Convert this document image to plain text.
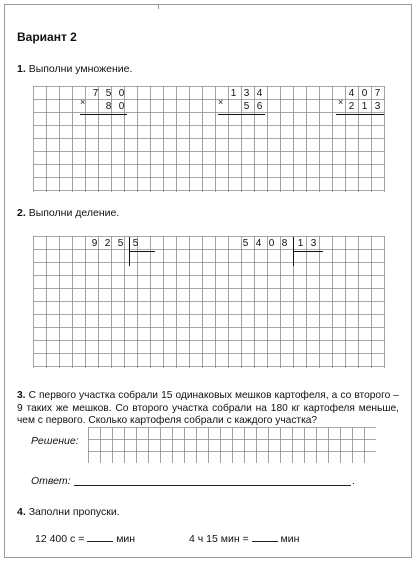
Вариант 2
1. Выполни умножение.
×
7 5 0
8 0	×
1 3 4
5 6	×
4 0 7
2 1 3
2. Выполни деление.
9 2 5 5	5 4 0 8 1 3
3. С первого участка собрали 15 одинаковых мешков картофеля, а со второго – 9 таких же мешков. Со второго участка собрали на 180 кг картофеля меньше, чем с первого. Сколько картофеля собрали с каждого участка?
Решение:
Ответ:	.
4. Заполни пропуски.
12 400 с =	мин	4 ч 15 мин =	мин
